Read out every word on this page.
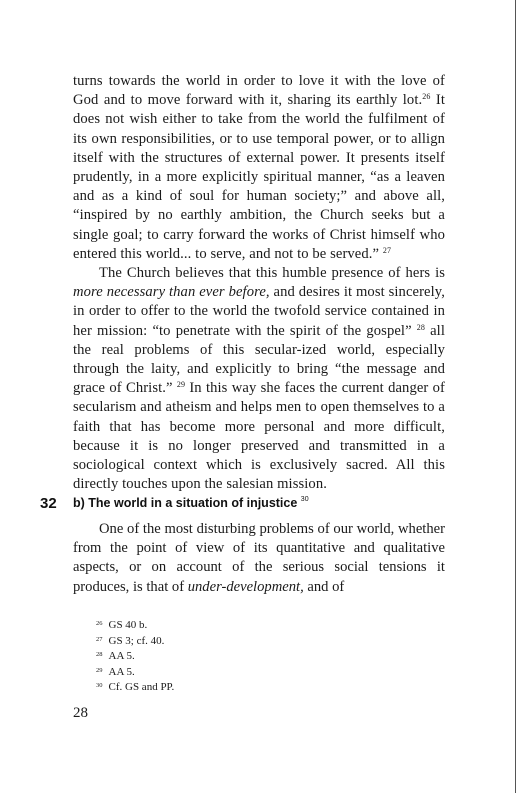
turns towards the world in order to love it with the love of God and to move forward with it, sharing its earthly lot.$^{26}$ It does not wish either to take from the world the fulfilment of its own responsibilities, or to use temporal power, or to allign itself with the structures of external power. It presents itself prudently, in a more explicitly spiritual manner, “as a leaven and as a kind of soul for human society;” and above all, “inspired by no earthly ambition, the Church seeks but a single goal; to carry forward the works of Christ himself who entered this world... to serve, and not to be served.” $^{27}$

The Church believes that this humble presence of hers is more necessary than ever before, and desires it most sincerely, in order to offer to the world the twofold service contained in her mission: “to penetrate with the spirit of the gospel” $^{28}$ all the real problems of this secular-ized world, especially through the laity, and explicitly to bring “the message and grace of Christ.” $^{29}$ In this way she faces the current danger of secularism and atheism and helps men to open themselves to a faith that has become more personal and more difficult, because it is no longer preserved and transmitted in a sociological context which is exclusively sacred. All this directly touches upon the salesian mission.

32 b) The world in a situation of injustice $^{30}$

One of the most disturbing problems of our world, whether from the point of view of its quantitative and qualitative aspects, or on account of the serious social tensions it produces, is that of under-development, and of

$^{26}$ GS 40 b.
$^{27}$ GS 3; cf. 40.
$^{28}$ AA 5.
$^{29}$ AA 5.
$^{30}$ Cf. GS and PP.
28
